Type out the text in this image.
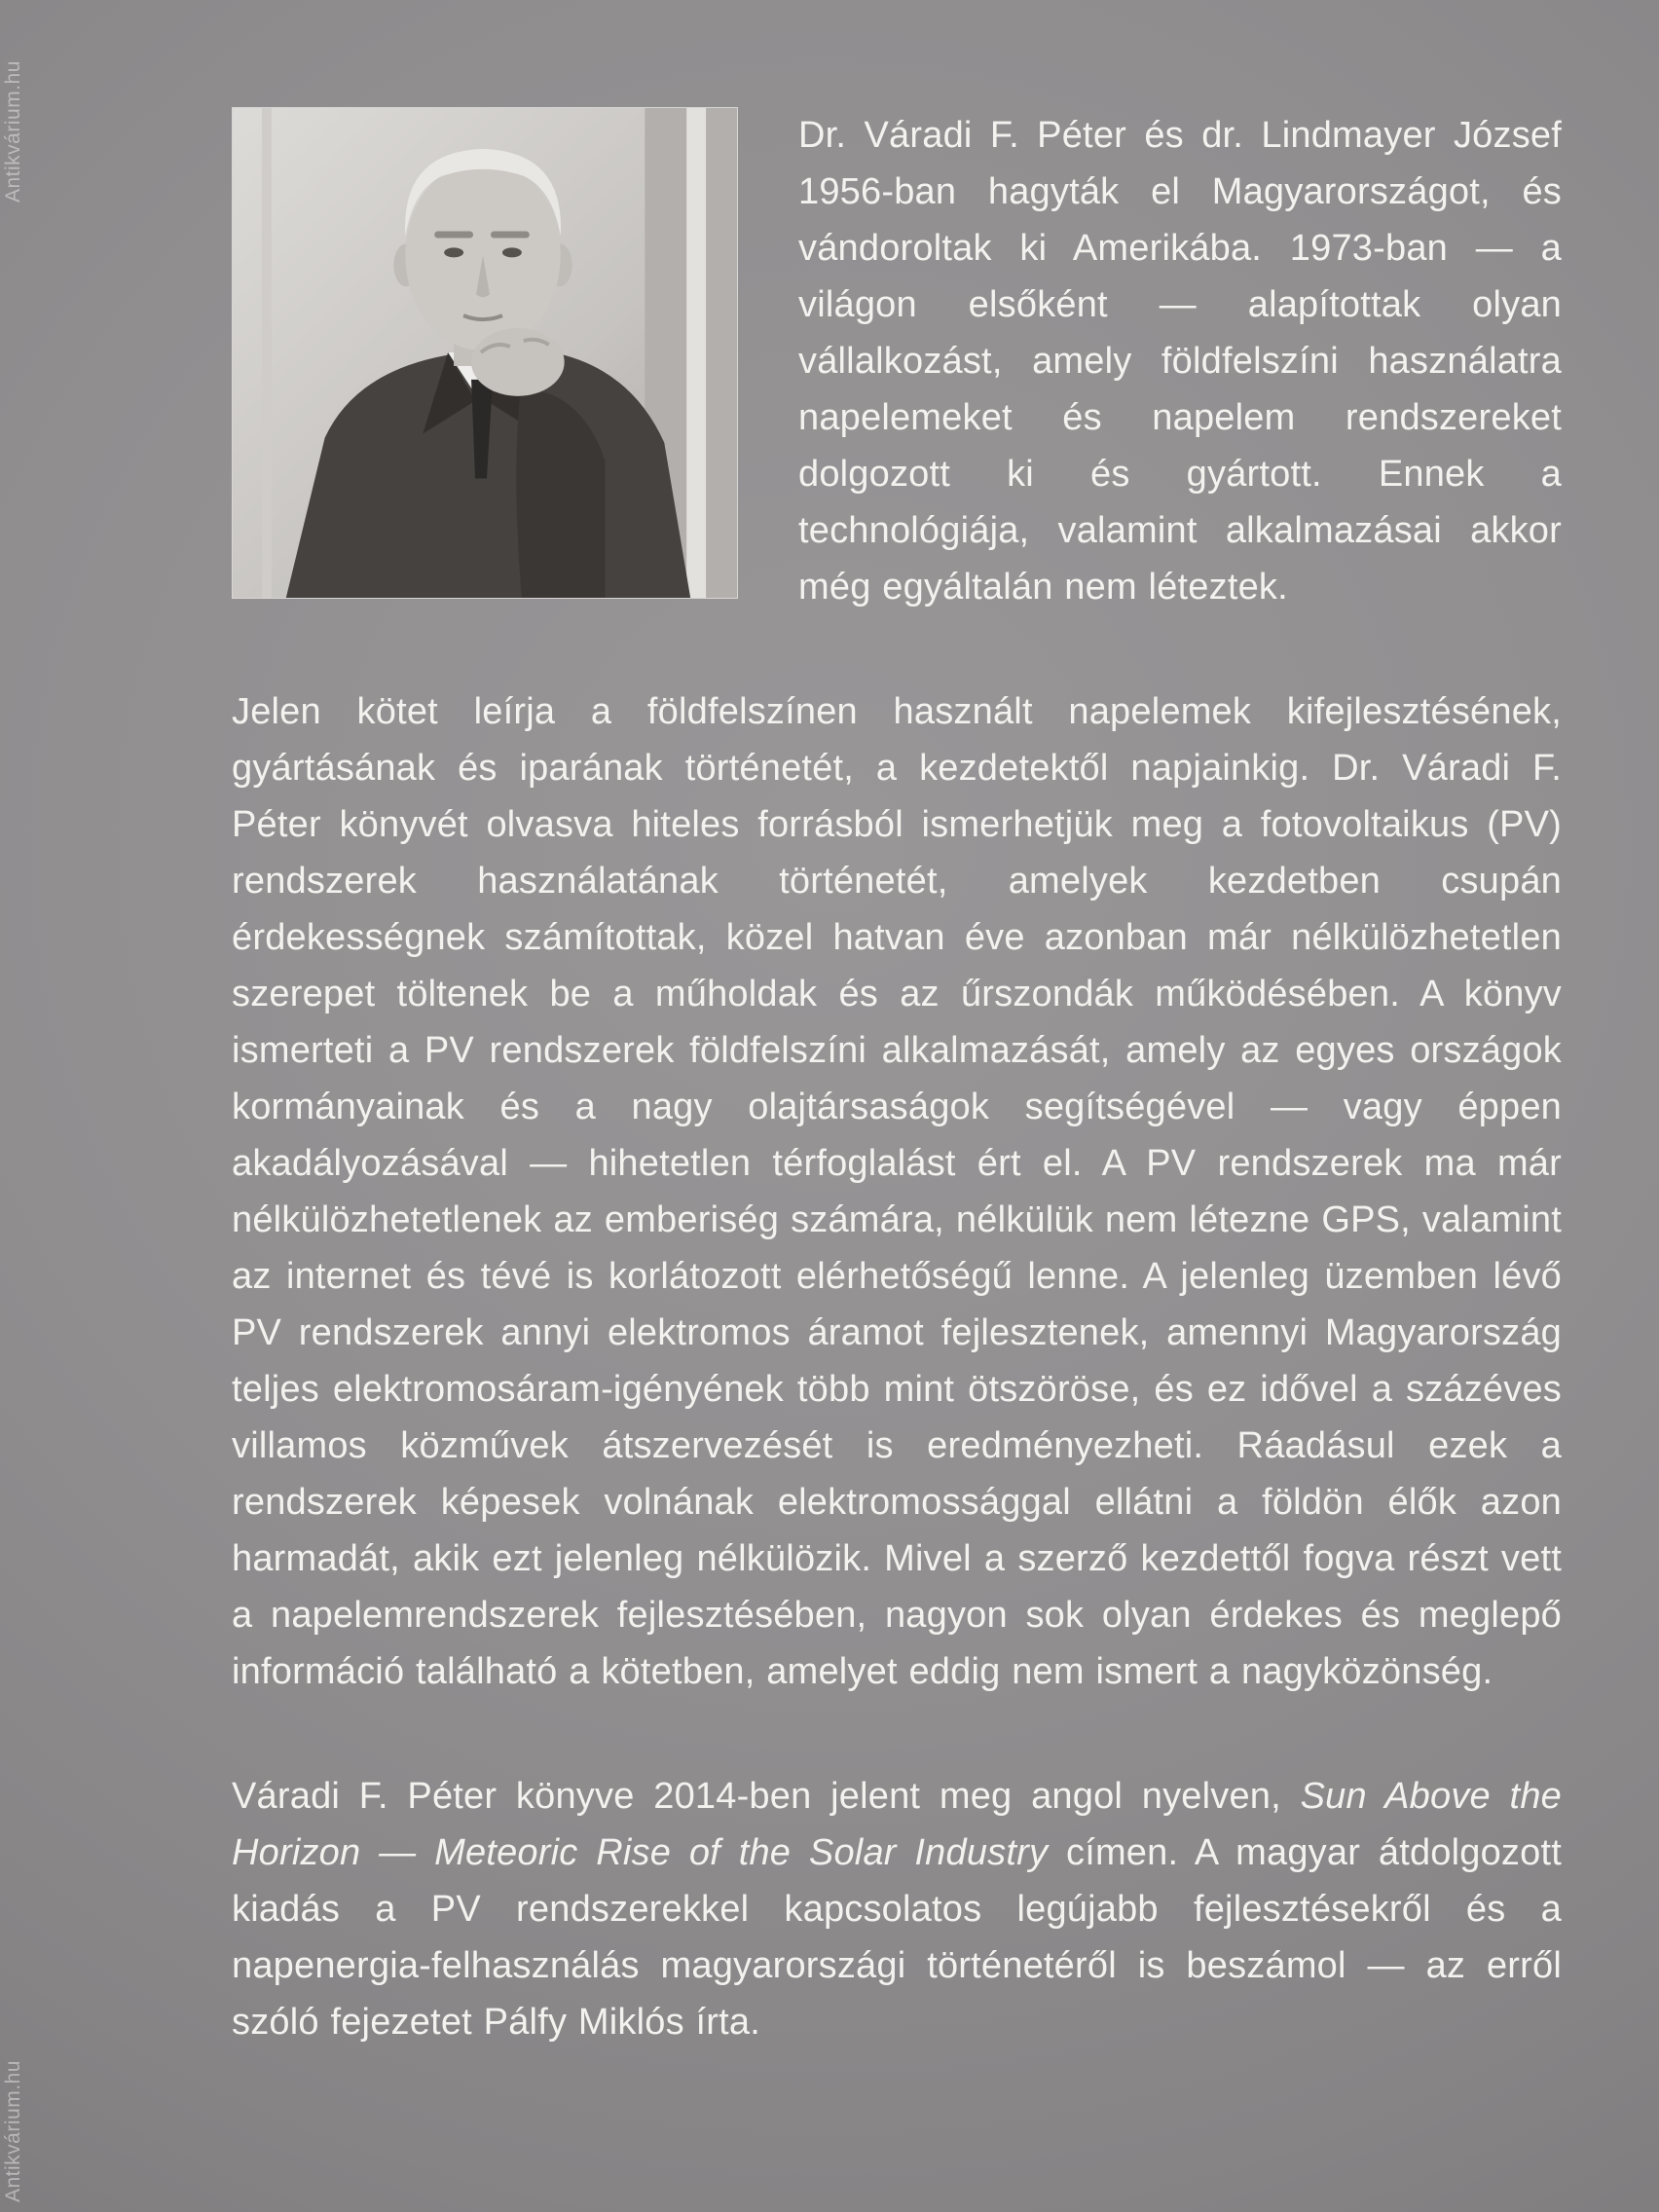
Antikvárium.hu
Antikvárium.hu

Dr. Váradi F. Péter és dr. Lindmayer József 1956-ban hagyták el Magyarországot, és vándoroltak ki Amerikába. 1973-ban — a világon elsőként — alapítottak olyan vállalkozást, amely földfelszíni használatra napelemeket és napelem rendszereket dolgozott ki és gyártott. Ennek a technológiája, valamint alkalmazásai akkor még egyáltalán nem léteztek.

Jelen kötet leírja a földfelszínen használt napelemek kifejlesztésének, gyártásának és iparának történetét, a kezdetektől napjainkig. Dr. Váradi F. Péter könyvét olvasva hiteles forrásból ismerhetjük meg a fotovoltaikus (PV) rendszerek használatának történetét, amelyek kezdetben csupán érdekességnek számítottak, közel hatvan éve azonban már nélkülözhetetlen szerepet töltenek be a műholdak és az űrszondák működésében. A könyv ismerteti a PV rendszerek földfelszíni alkalmazását, amely az egyes országok kormányainak és a nagy olajtársaságok segítségével — vagy éppen akadályozásával — hihetetlen térfoglalást ért el. A PV rendszerek ma már nélkülözhetetlenek az emberiség számára, nélkülük nem létezne GPS, valamint az internet és tévé is korlátozott elérhetőségű lenne. A jelenleg üzemben lévő PV rendszerek annyi elektromos áramot fejlesztenek, amennyi Magyarország teljes elektromosáram-igényének több mint ötszöröse, és ez idővel a százéves villamos közművek átszervezését is eredményezheti. Ráadásul ezek a rendszerek képesek volnának elektromossággal ellátni a földön élők azon harmadát, akik ezt jelenleg nélkülözik. Mivel a szerző kezdettől fogva részt vett a napelemrendszerek fejlesztésében, nagyon sok olyan érdekes és meglepő információ található a kötetben, amelyet eddig nem ismert a nagyközönség.

Váradi F. Péter könyve 2014-ben jelent meg angol nyelven, Sun Above the Horizon — Meteoric Rise of the Solar Industry címen. A magyar átdolgozott kiadás a PV rendszerekkel kapcsolatos legújabb fejlesztésekről és a napenergia-felhasználás magyarországi történetéről is beszámol — az erről szóló fejezetet Pálfy Miklós írta.
